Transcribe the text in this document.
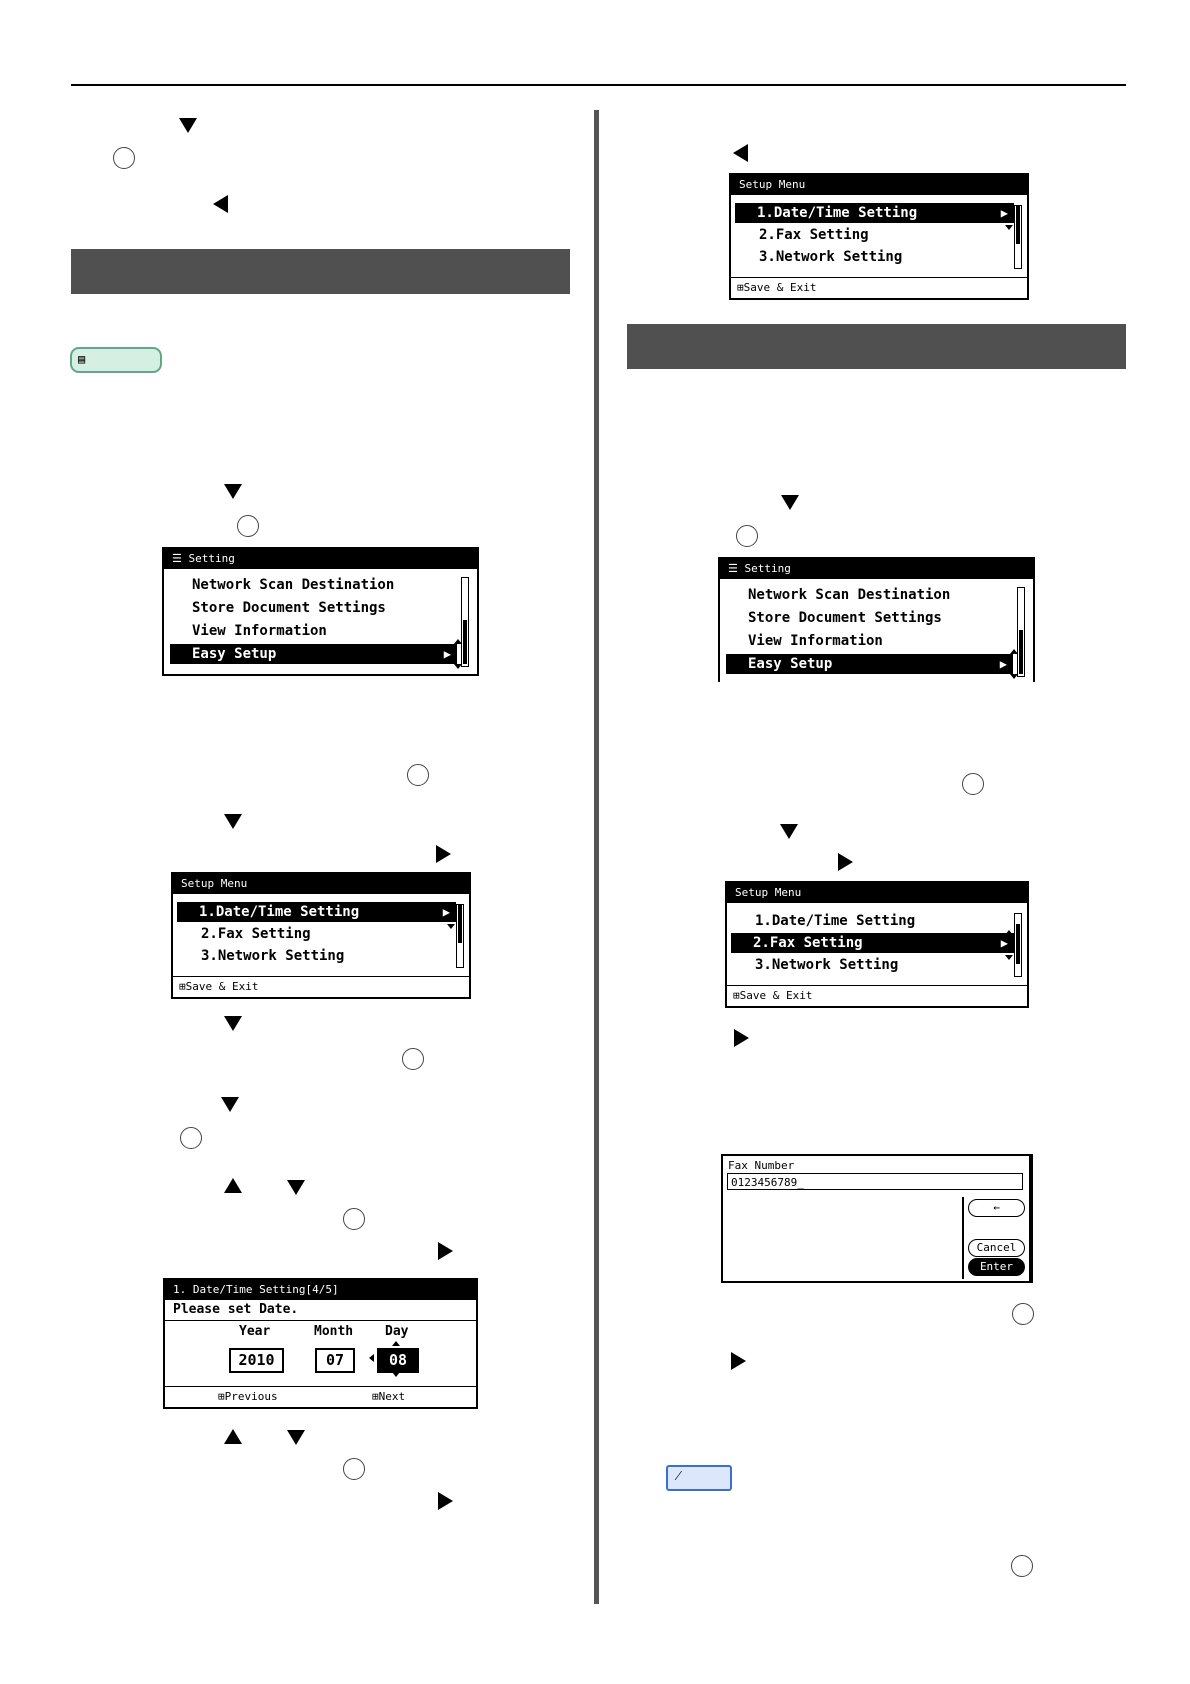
▤
☰ Setting
Network Scan Destination
Store Document Settings
View Information
Easy Setup	▶
Setup Menu
1.Date/Time Setting	▶
2.Fax Setting
3.Network Setting
⊞Save & Exit
1. Date/Time Setting[4/5]
Please set Date.
Year	Month Day
2010	07	08
⊞Previous	⊞Next
Setup Menu
1.Date/Time Setting	▶
2.Fax Setting
3.Network Setting
⊞Save & Exit
☰ Setting
Network Scan Destination
Store Document Settings
View Information
Easy Setup	▶
Setup Menu
1.Date/Time Setting
2.Fax Setting	▶
3.Network Setting
⊞Save & Exit
Fax Number
0123456789_
←
Cancel
Enter
⁄
